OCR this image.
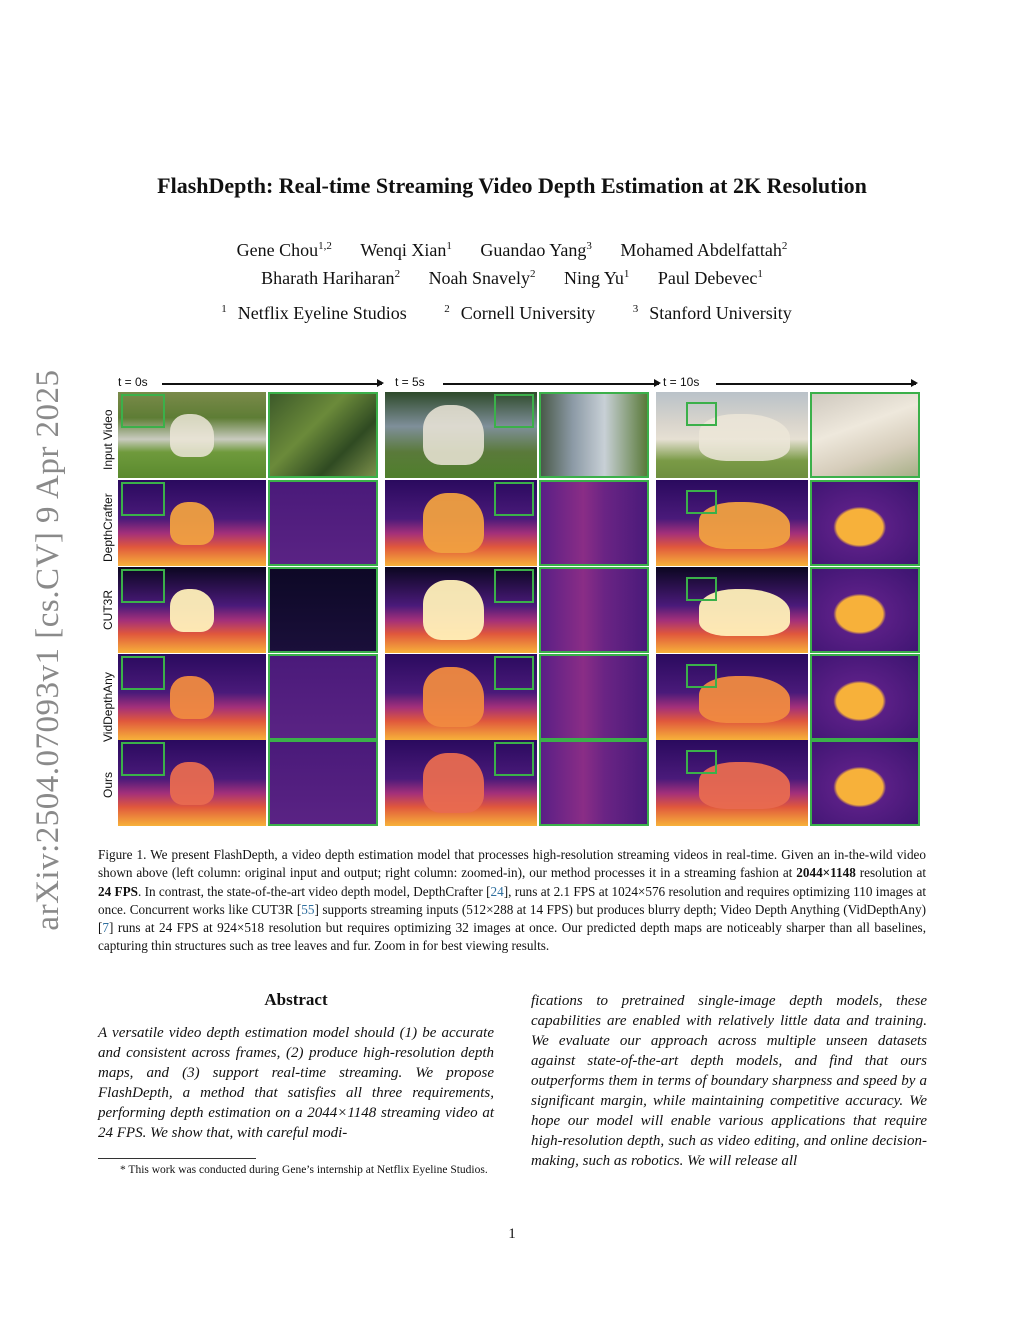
arXiv:2504.07093v1 [cs.CV] 9 Apr 2025
FlashDepth: Real-time Streaming Video Depth Estimation at 2K Resolution
Gene Chou$^{1,2}$ Wenqi Xian$^1$ Guandao Yang$^3$ Mohamed Abdelfattah$^2$
Bharath Hariharan$^2$ Noah Snavely$^2$ Ning Yu$^1$ Paul Debevec$^1$
$^1$ Netflix Eyeline Studios	$^2$ Cornell University	$^3$ Stanford University
t = 0s	t = 5s	t = 10s
Input Video
DepthCrafter
CUT3R
VidDepthAny
Ours
Figure 1. We present FlashDepth, a video depth estimation model that processes high-resolution streaming videos in real-time. Given an in-the-wild video shown above (left column: original input and output; right column: zoomed-in), our method processes it in a streaming fashion at 2044×1148 resolution at 24 FPS. In contrast, the state-of-the-art video depth model, DepthCrafter [24], runs at 2.1 FPS at 1024×576 resolution and requires optimizing 110 images at once. Concurrent works like CUT3R [55] supports streaming inputs (512×288 at 14 FPS) but produces blurry depth; Video Depth Anything (VidDepthAny) [7] runs at 24 FPS at 924×518 resolution but requires optimizing 32 images at once. Our predicted depth maps are noticeably sharper than all baselines, capturing thin structures such as tree leaves and fur. Zoom in for best viewing results.
Abstract
A versatile video depth estimation model should (1) be accurate and consistent across frames, (2) produce high-resolution depth maps, and (3) support real-time streaming. We propose FlashDepth, a method that satisfies all three requirements, performing depth estimation on a 2044×1148 streaming video at 24 FPS. We show that, with careful modi-
fications to pretrained single-image depth models, these capabilities are enabled with relatively little data and training. We evaluate our approach across multiple unseen datasets against state-of-the-art depth models, and find that ours outperforms them in terms of boundary sharpness and speed by a significant margin, while maintaining competitive accuracy. We hope our model will enable various applications that require high-resolution depth, such as video editing, and online decision-making, such as robotics. We will release all
* This work was conducted during Gene’s internship at Netflix Eyeline Studios.
1
